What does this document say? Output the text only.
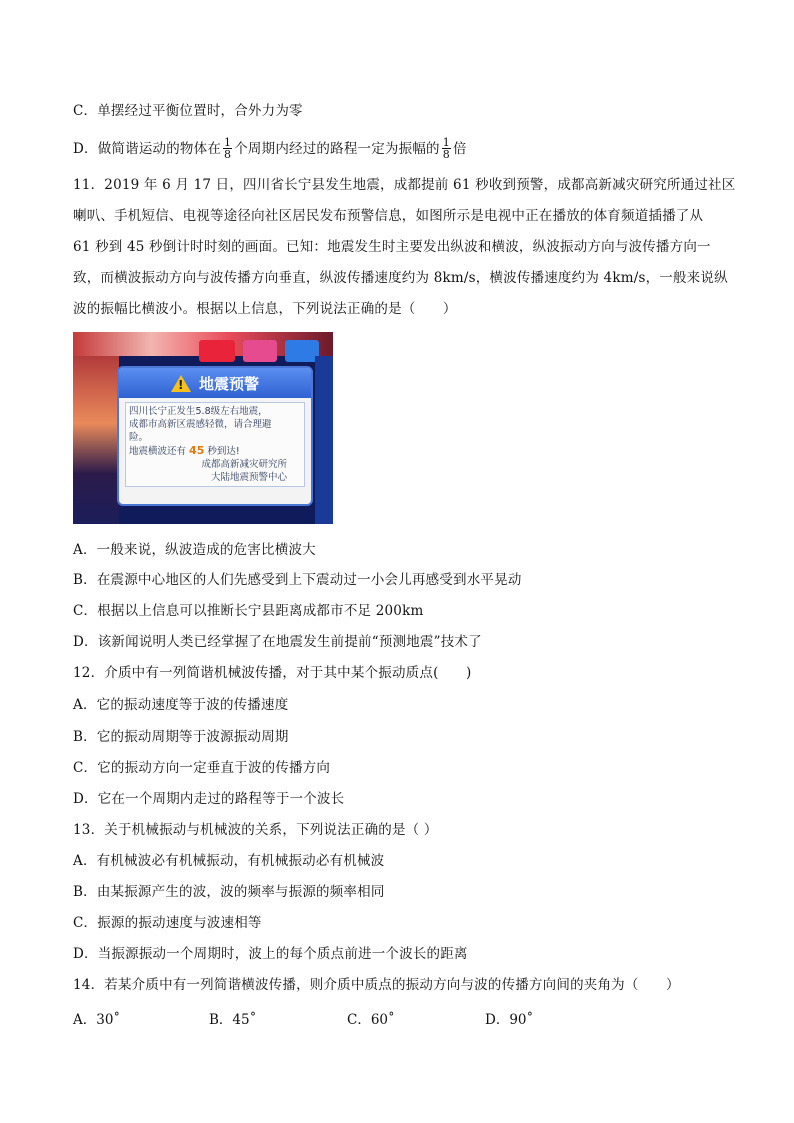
C．单摆经过平衡位置时，合外力为零
D．做简谐运动的物体在 $\frac{1}{8}$ 个周期内经过的路程一定为振幅的 $\frac{1}{8}$ 倍
11．2019 年 6 月 17 日，四川省长宁县发生地震，成都提前 61 秒收到预警，成都高新减灾研究所通过社区
喇叭、手机短信、电视等途径向社区居民发布预警信息，如图所示是电视中正在播放的体育频道插播了从
61 秒到 45 秒倒计时时刻的画面。已知：地震发生时主要发出纵波和横波，纵波振动方向与波传播方向一
致，而横波振动方向与波传播方向垂直，纵波传播速度约为 8km/s，横波传播速度约为 4km/s，一般来说纵
波的振幅比横波小。根据以上信息，下列说法正确的是（　　）
! 地震预警
四川长宁正发生5.8级左右地震，
成都市高新区震感轻微，请合理避
险。
地震横波还有 45 秒到达!
成都高新减灾研究所
大陆地震预警中心
A．一般来说，纵波造成的危害比横波大
B．在震源中心地区的人们先感受到上下震动过一小会儿再感受到水平晃动
C．根据以上信息可以推断长宁县距离成都市不足 200km
D．该新闻说明人类已经掌握了在地震发生前提前“预测地震”技术了
12．介质中有一列简谐机械波传播，对于其中某个振动质点(　　)
A．它的振动速度等于波的传播速度
B．它的振动周期等于波源振动周期
C．它的振动方向一定垂直于波的传播方向
D．它在一个周期内走过的路程等于一个波长
13．关于机械振动与机械波的关系，下列说法正确的是（ ）
A．有机械波必有机械振动，有机械振动必有机械波
B．由某振源产生的波，波的频率与振源的频率相同
C．振源的振动速度与波速相等
D．当振源振动一个周期时，波上的每个质点前进一个波长的距离
14．若某介质中有一列简谐横波传播，则介质中质点的振动方向与波的传播方向间的夹角为（　　）
A．30˚	B．45˚	C．60˚	D．90˚
